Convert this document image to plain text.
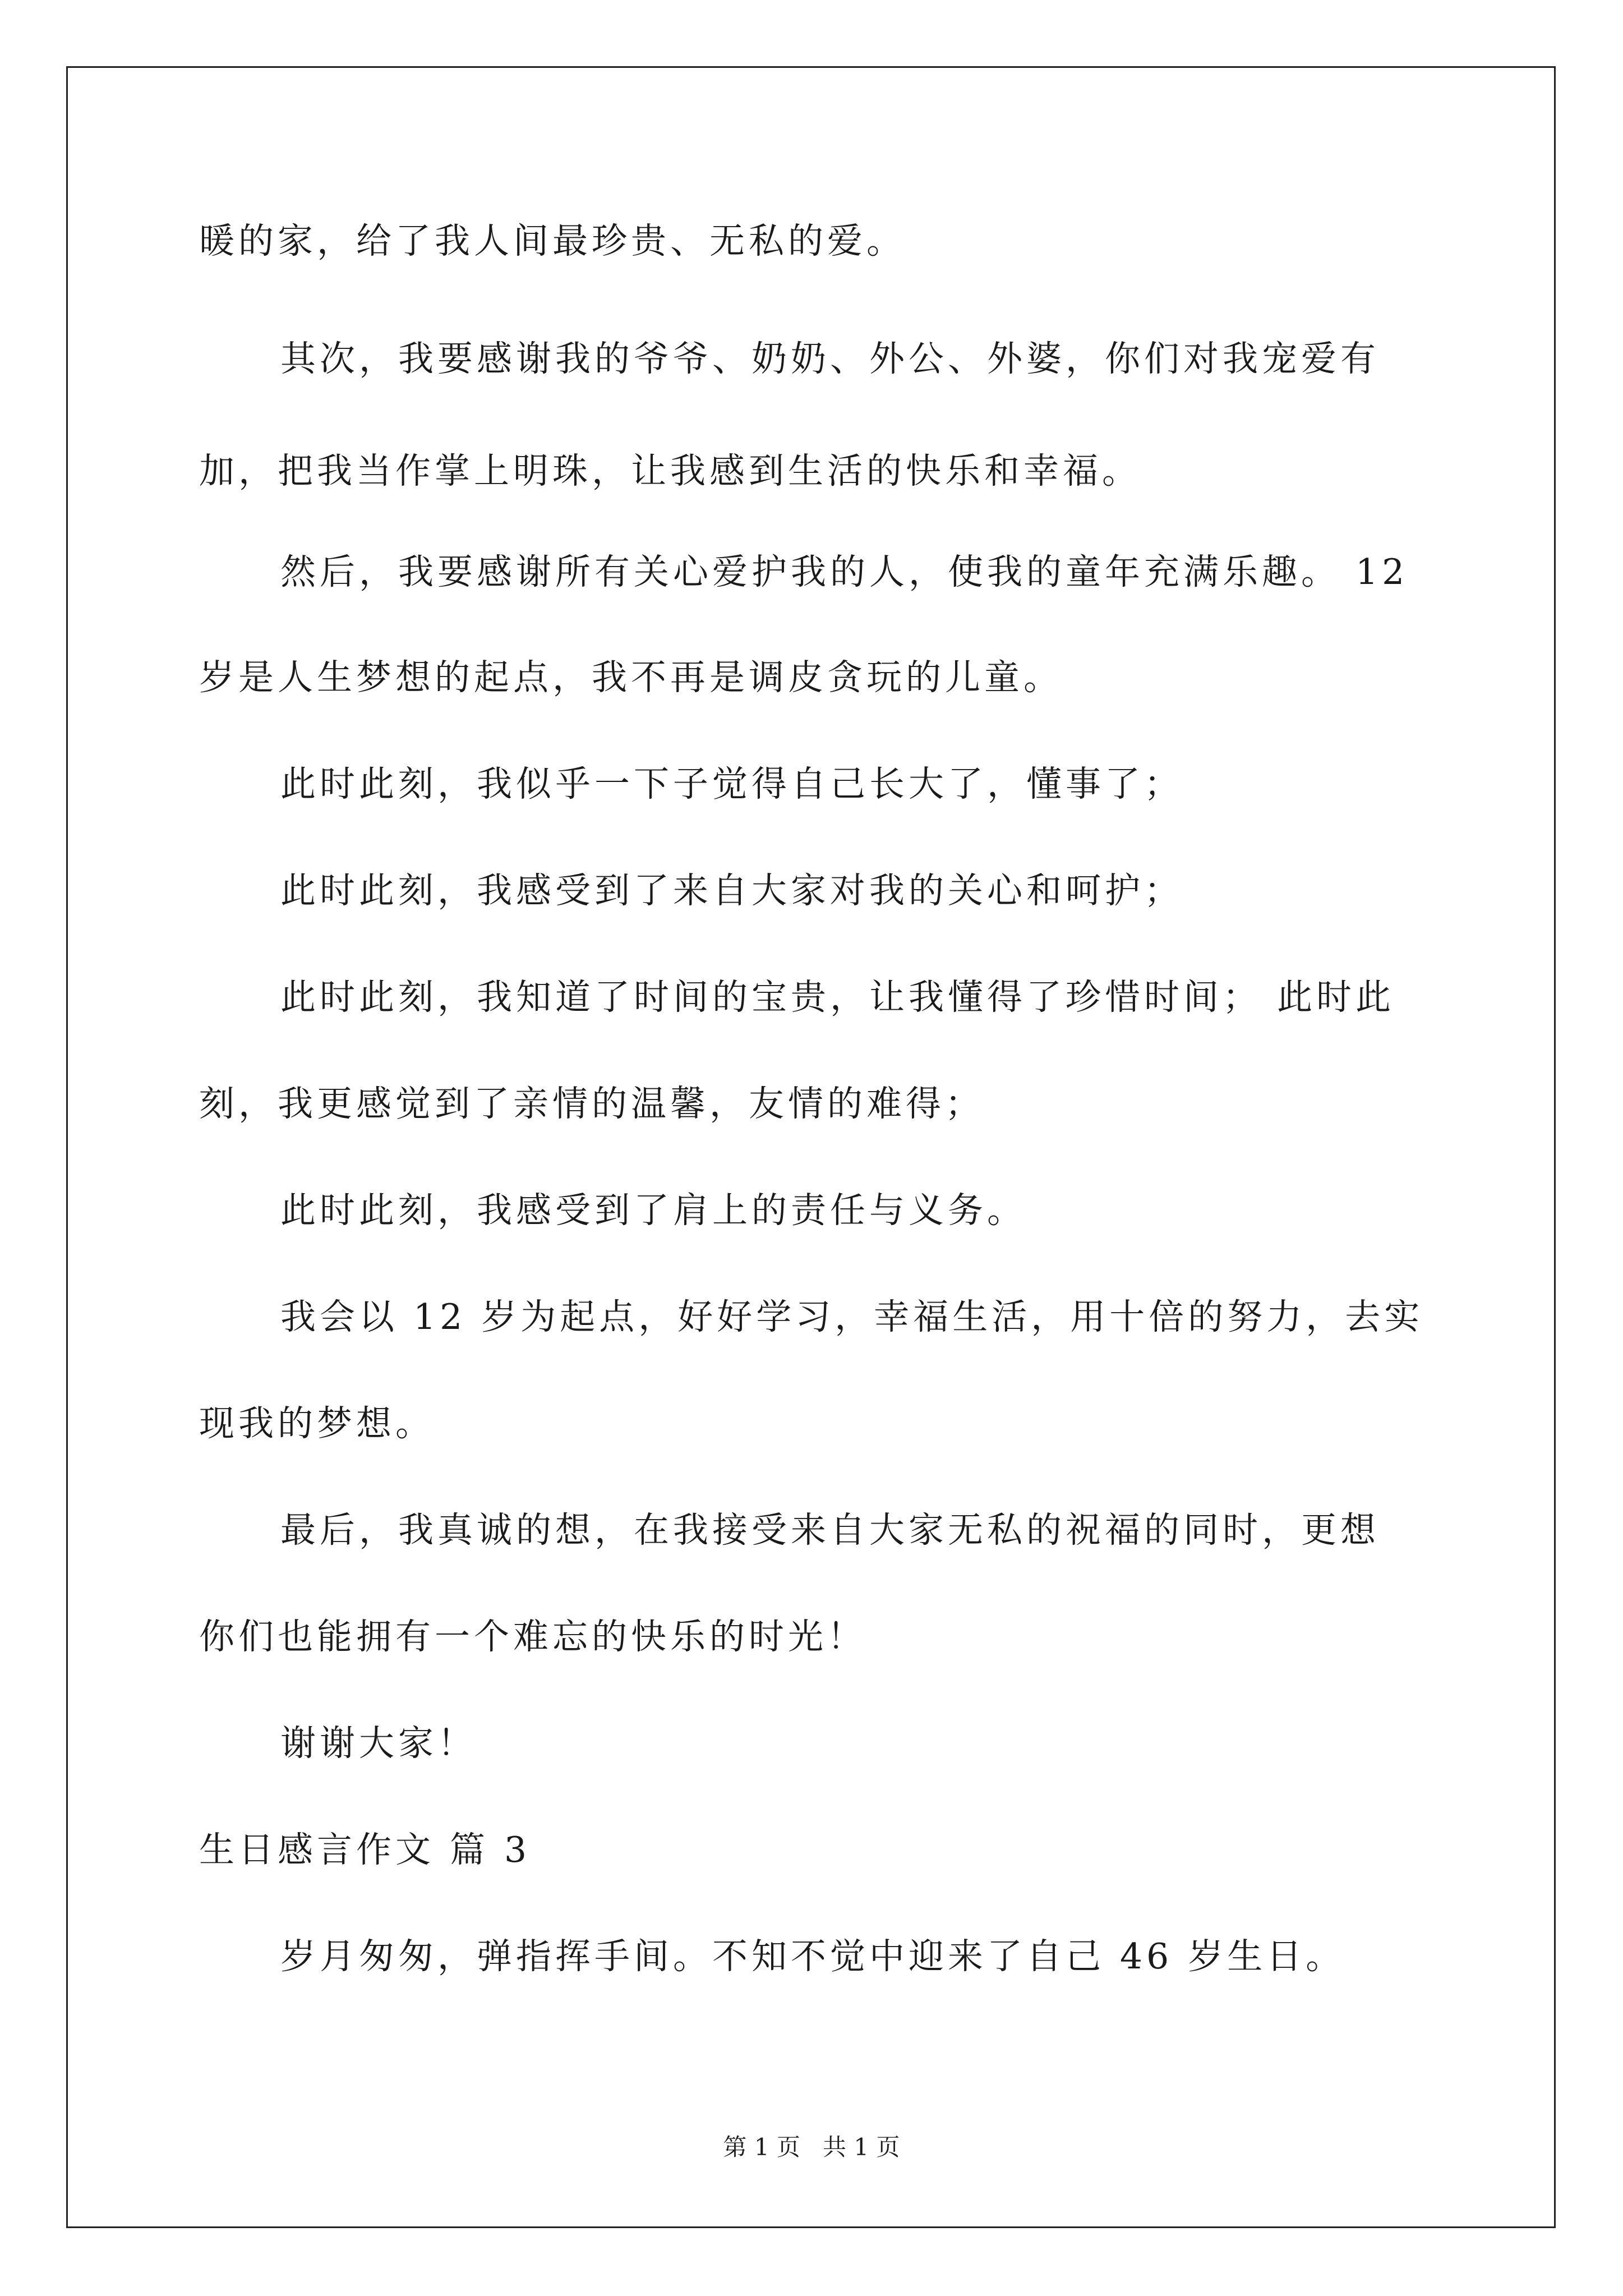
暖的家，给了我人间最珍贵、无私的爱。
其次，我要感谢我的爷爷、奶奶、外公、外婆，你们对我宠爱有
加，把我当作掌上明珠，让我感到生活的快乐和幸福。
然后，我要感谢所有关心爱护我的人，使我的童年充满乐趣。 12
岁是人生梦想的起点，我不再是调皮贪玩的儿童。
此时此刻，我似乎一下子觉得自己长大了，懂事了；
此时此刻，我感受到了来自大家对我的关心和呵护；
此时此刻，我知道了时间的宝贵，让我懂得了珍惜时间； 此时此
刻，我更感觉到了亲情的温馨，友情的难得；
此时此刻，我感受到了肩上的责任与义务。
我会以 12 岁为起点，好好学习，幸福生活，用十倍的努力，去实
现我的梦想。
最后，我真诚的想，在我接受来自大家无私的祝福的同时，更想
你们也能拥有一个难忘的快乐的时光！
谢谢大家！
生日感言作文 篇 3
岁月匆匆，弹指挥手间。不知不觉中迎来了自己 46 岁生日。
第 1 页   共 1 页
